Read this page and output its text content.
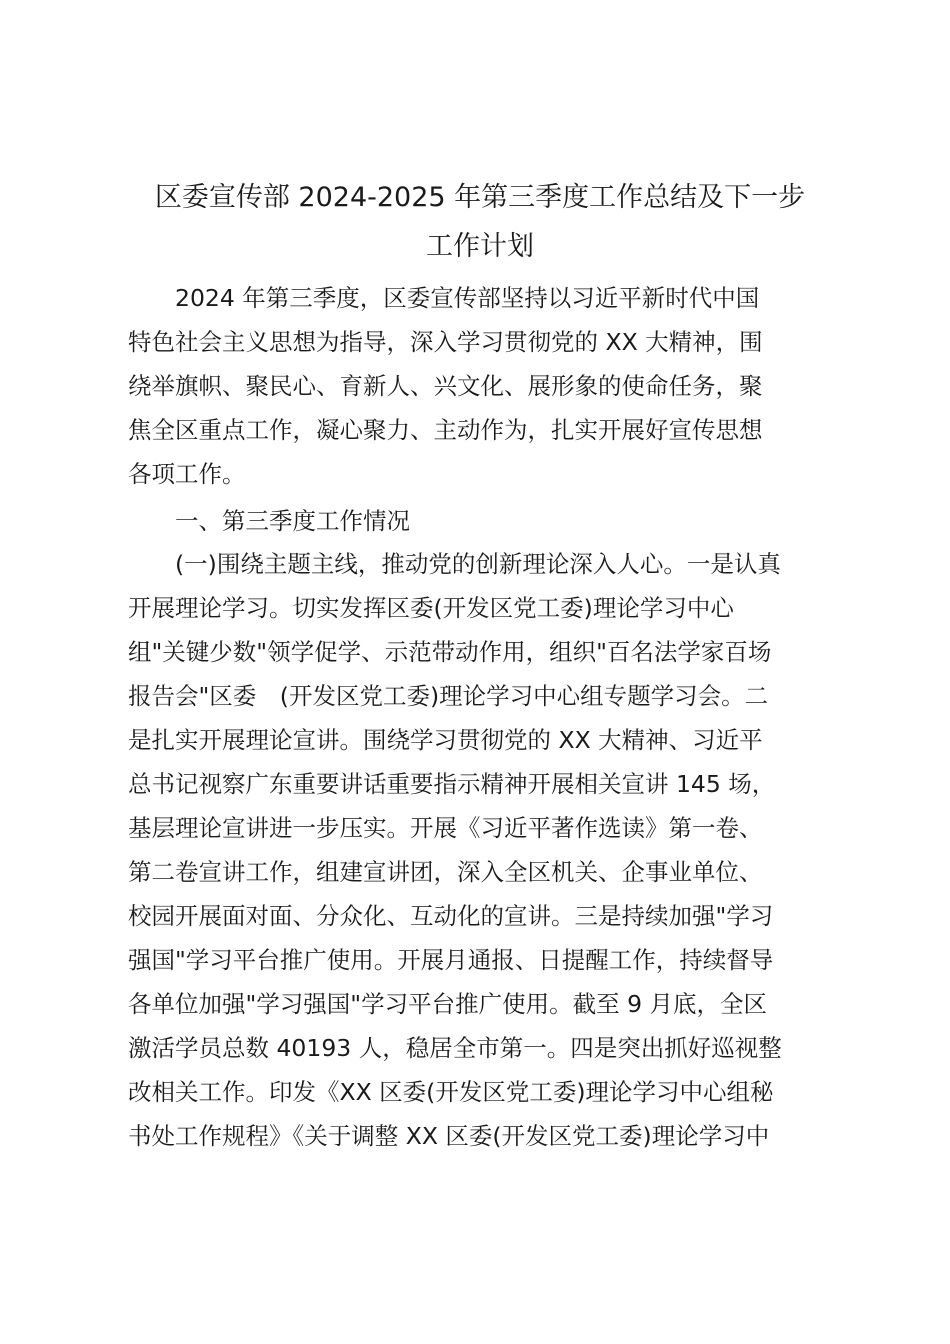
区委宣传部 2024-2025 年第三季度工作总结及下一步
工作计划

　　2024 年第三季度，区委宣传部坚持以习近平新时代中国

特色社会主义思想为指导，深入学习贯彻党的 XX 大精神，围

绕举旗帜、聚民心、育新人、兴文化、展形象的使命任务，聚

焦全区重点工作，凝心聚力、主动作为，扎实开展好宣传思想

各项工作。

　　一、第三季度工作情况

　　(一)围绕主题主线，推动党的创新理论深入人心。一是认真

开展理论学习。切实发挥区委(开发区党工委)理论学习中心

组"关键少数"领学促学、示范带动作用，组织"百名法学家百场

报告会"区委　(开发区党工委)理论学习中心组专题学习会。二

是扎实开展理论宣讲。围绕学习贯彻党的 XX 大精神、习近平

总书记视察广东重要讲话重要指示精神开展相关宣讲 145 场，

基层理论宣讲进一步压实。开展《习近平著作选读》第一卷、

第二卷宣讲工作，组建宣讲团，深入全区机关、企事业单位、

校园开展面对面、分众化、互动化的宣讲。三是持续加强"学习

强国"学习平台推广使用。开展月通报、日提醒工作，持续督导

各单位加强"学习强国"学习平台推广使用。截至 9 月底，全区

激活学员总数 40193 人，稳居全市第一。四是突出抓好巡视整

改相关工作。印发《XX 区委(开发区党工委)理论学习中心组秘

书处工作规程》《关于调整 XX 区委(开发区党工委)理论学习中
